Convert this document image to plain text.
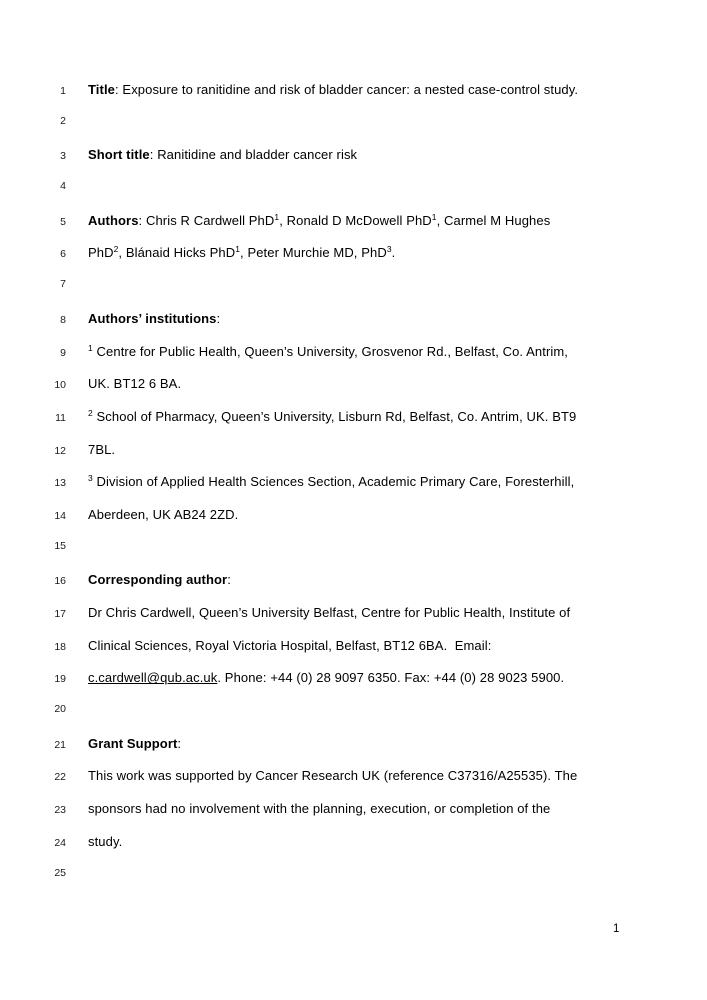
1 Title: Exposure to ranitidine and risk of bladder cancer: a nested case-control study.
2
3 Short title: Ranitidine and bladder cancer risk
4
5 Authors: Chris R Cardwell PhD$^1$, Ronald D McDowell PhD$^1$, Carmel M Hughes
6 PhD$^2$, Blánaid Hicks PhD$^1$, Peter Murchie MD, PhD$^3$.
7
8 Authors’ institutions:
9	$^1$ Centre for Public Health, Queen’s University, Grosvenor Rd., Belfast, Co. Antrim,
10 UK. BT12 6 BA.
11	$^2$ School of Pharmacy, Queen’s University, Lisburn Rd, Belfast, Co. Antrim, UK. BT9
12 7BL.
13	$^3$ Division of Applied Health Sciences Section, Academic Primary Care, Foresterhill,
14 Aberdeen, UK AB24 2ZD.
15
16 Corresponding author:
17 Dr Chris Cardwell, Queen’s University Belfast, Centre for Public Health, Institute of
18 Clinical Sciences, Royal Victoria Hospital, Belfast, BT12 6BA.  Email:
19 c.cardwell@qub.ac.uk. Phone: +44 (0) 28 9097 6350. Fax: +44 (0) 28 9023 5900.
20
21 Grant Support:
22 This work was supported by Cancer Research UK (reference C37316/A25535). The
23 sponsors had no involvement with the planning, execution, or completion of the
24 study.
25
1
